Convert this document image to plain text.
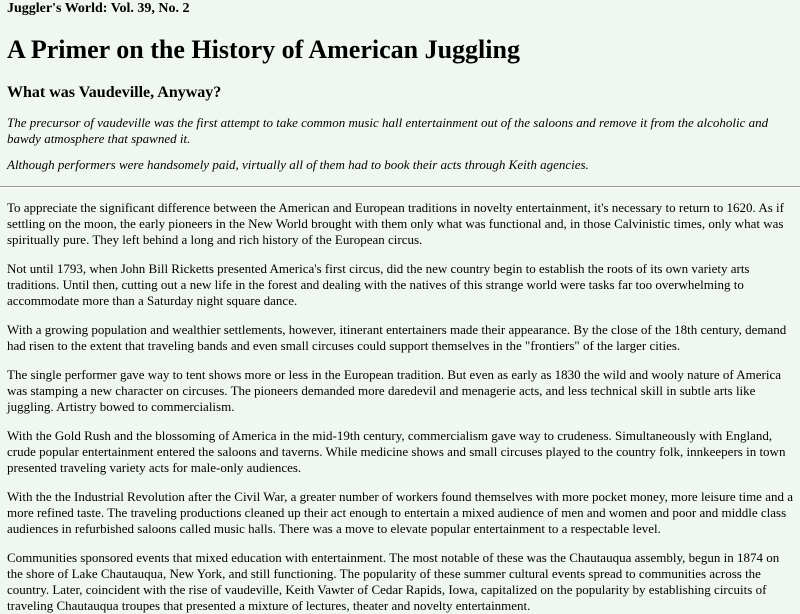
Juggler's World: Vol. 39, No. 2
A Primer on the History of American Juggling
What was Vaudeville, Anyway?

The precursor of vaudeville was the first attempt to take common music hall entertainment out of the saloons and remove it from the alcoholic and bawdy atmosphere that spawned it.

Although performers were handsomely paid, virtually all of them had to book their acts through Keith agencies.

To appreciate the significant difference between the American and European traditions in novelty entertainment, it's necessary to return to 1620. As if settling on the moon, the early pioneers in the New World brought with them only what was functional and, in those Calvinistic times, only what was spiritually pure. They left behind a long and rich history of the European circus.

Not until 1793, when John Bill Ricketts presented America's first circus, did the new country begin to establish the roots of its own variety arts traditions. Until then, cutting out a new life in the forest and dealing with the natives of this strange world were tasks far too overwhelming to accommodate more than a Saturday night square dance.

With a growing population and wealthier settlements, however, itinerant entertainers made their appearance. By the close of the 18th century, demand had risen to the extent that traveling bands and even small circuses could support themselves in the "frontiers" of the larger cities.

The single performer gave way to tent shows more or less in the European tradition. But even as early as 1830 the wild and wooly nature of America was stamping a new character on circuses. The pioneers demanded more daredevil and menagerie acts, and less technical skill in subtle arts like juggling. Artistry bowed to commercialism.

With the Gold Rush and the blossoming of America in the mid-19th century, commercialism gave way to crudeness. Simultaneously with England, crude popular entertainment entered the saloons and taverns. While medicine shows and small circuses played to the country folk, innkeepers in town presented traveling variety acts for male-only audiences.

With the the Industrial Revolution after the Civil War, a greater number of workers found themselves with more pocket money, more leisure time and a more refined taste. The traveling productions cleaned up their act enough to entertain a mixed audience of men and women and poor and middle class audiences in refurbished saloons called music halls. There was a move to elevate popular entertainment to a respectable level.

Communities sponsored events that mixed education with entertainment. The most notable of these was the Chautauqua assembly, begun in 1874 on the shore of Lake Chautauqua, New York, and still functioning. The popularity of these summer cultural events spread to communities across the country. Later, coincident with the rise of vaudeville, Keith Vawter of Cedar Rapids, Iowa, capitalized on the popularity by establishing circuits of traveling Chautauqua troupes that presented a mixture of lectures, theater and novelty entertainment.
